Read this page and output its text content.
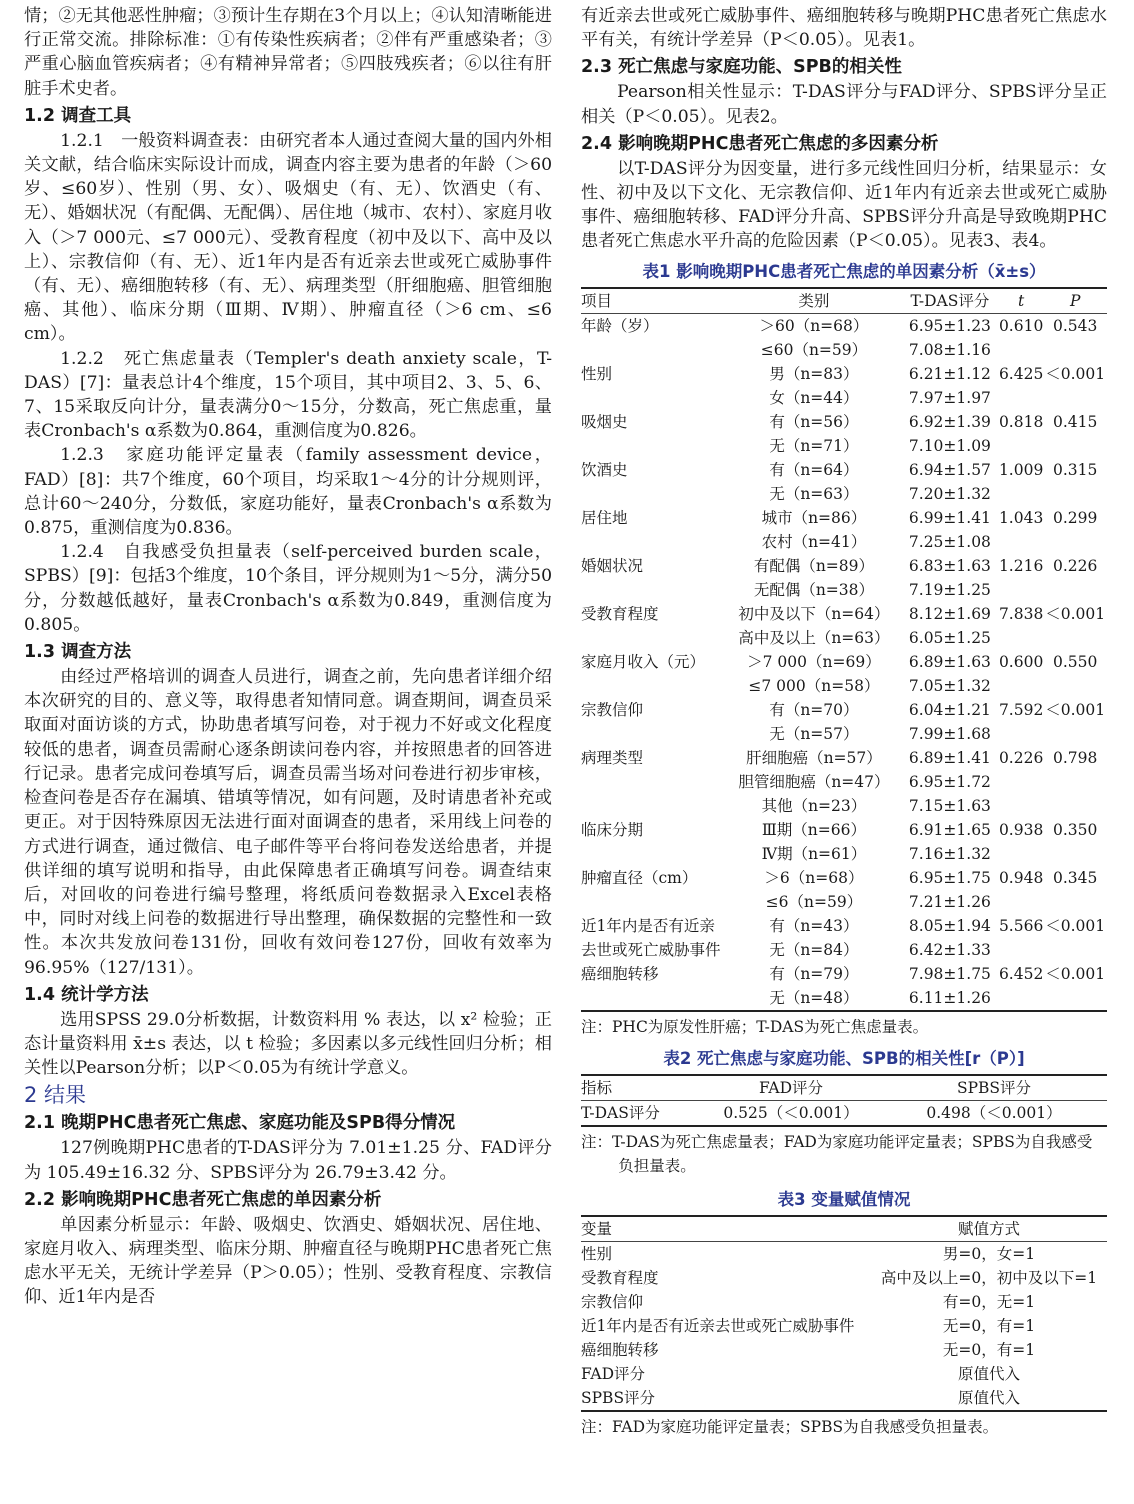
情；②无其他恶性肿瘤；③预计生存期在3个月以上；④认知清晰能进行正常交流。排除标准：①有传染性疾病者；②伴有严重感染者；③严重心脑血管疾病者；④有精神异常者；⑤四肢残疾者；⑥以往有肝脏手术史者。

1.2 调查工具

1.2.1　一般资料调查表：由研究者本人通过查阅大量的国内外相关文献，结合临床实际设计而成，调查内容主要为患者的年龄（＞60岁、≤60岁）、性别（男、女）、吸烟史（有、无）、饮酒史（有、无）、婚姻状况（有配偶、无配偶）、居住地（城市、农村）、家庭月收入（＞7 000元、≤7 000元）、受教育程度（初中及以下、高中及以上）、宗教信仰（有、无）、近1年内是否有近亲去世或死亡威胁事件（有、无）、癌细胞转移（有、无）、病理类型（肝细胞癌、胆管细胞癌、其他）、临床分期（Ⅲ期、Ⅳ期）、肿瘤直径（＞6 cm、≤6 cm）。

1.2.2　死亡焦虑量表（Templer's death anxiety scale，T-DAS）[7]：量表总计4个维度，15个项目，其中项目2、3、5、6、7、15采取反向计分，量表满分0～15分，分数高，死亡焦虑重，量表Cronbach's α系数为0.864，重测信度为0.826。

1.2.3　家庭功能评定量表（family assessment device，FAD）[8]：共7个维度，60个项目，均采取1～4分的计分规则评，总计60～240分，分数低，家庭功能好，量表Cronbach's α系数为0.875，重测信度为0.836。

1.2.4　自我感受负担量表（self-perceived burden scale，SPBS）[9]：包括3个维度，10个条目，评分规则为1～5分，满分50分，分数越低越好，量表Cronbach's α系数为0.849，重测信度为0.805。

1.3 调查方法

由经过严格培训的调查人员进行，调查之前，先向患者详细介绍本次研究的目的、意义等，取得患者知情同意。调查期间，调查员采取面对面访谈的方式，协助患者填写问卷，对于视力不好或文化程度较低的患者，调查员需耐心逐条朗读问卷内容，并按照患者的回答进行记录。患者完成问卷填写后，调查员需当场对问卷进行初步审核，检查问卷是否存在漏填、错填等情况，如有问题，及时请患者补充或更正。对于因特殊原因无法进行面对面调查的患者，采用线上问卷的方式进行调查，通过微信、电子邮件等平台将问卷发送给患者，并提供详细的填写说明和指导，由此保障患者正确填写问卷。调查结束后，对回收的问卷进行编号整理，将纸质问卷数据录入Excel表格中，同时对线上问卷的数据进行导出整理，确保数据的完整性和一致性。本次共发放问卷131份，回收有效问卷127份，回收有效率为96.95%（127/131）。

1.4 统计学方法

选用SPSS 29.0分析数据，计数资料用 % 表达，以 x² 检验；正态计量资料用 x̄±s 表达，以 t 检验；多因素以多元线性回归分析；相关性以Pearson分析；以P＜0.05为有统计学意义。

2 结果
2.1 晚期PHC患者死亡焦虑、家庭功能及SPB得分情况

127例晚期PHC患者的T-DAS评分为 7.01±1.25 分、FAD评分为 105.49±16.32 分、SPBS评分为 26.79±3.42 分。

2.2 影响晚期PHC患者死亡焦虑的单因素分析

单因素分析显示：年龄、吸烟史、饮酒史、婚姻状况、居住地、家庭月收入、病理类型、临床分期、肿瘤直径与晚期PHC患者死亡焦虑水平无关，无统计学差异（P＞0.05）；性别、受教育程度、宗教信仰、近1年内是否

有近亲去世或死亡威胁事件、癌细胞转移与晚期PHC患者死亡焦虑水平有关，有统计学差异（P＜0.05）。见表1。

2.3 死亡焦虑与家庭功能、SPB的相关性

Pearson相关性显示：T-DAS评分与FAD评分、SPBS评分呈正相关（P＜0.05）。见表2。

2.4 影响晚期PHC患者死亡焦虑的多因素分析

以T-DAS评分为因变量，进行多元线性回归分析，结果显示：女性、初中及以下文化、无宗教信仰、近1年内有近亲去世或死亡威胁事件、癌细胞转移、FAD评分升高、SPBS评分升高是导致晚期PHC患者死亡焦虑水平升高的危险因素（P＜0.05）。见表3、表4。

表1 影响晚期PHC患者死亡焦虑的单因素分析（x̄±s）
项目	类别	T-DAS评分	t	P
年龄（岁）	＞60（n=68）	6.95±1.23	0.610	0.543
	≤60（n=59）	7.08±1.16		
性别	男（n=83）	6.21±1.12	6.425	＜0.001
	女（n=44）	7.97±1.97		
吸烟史	有（n=56）	6.92±1.39	0.818	0.415
	无（n=71）	7.10±1.09		
饮酒史	有（n=64）	6.94±1.57	1.009	0.315
	无（n=63）	7.20±1.32		
居住地	城市（n=86）	6.99±1.41	1.043	0.299
	农村（n=41）	7.25±1.08		
婚姻状况	有配偶（n=89）	6.83±1.63	1.216	0.226
	无配偶（n=38）	7.19±1.25		
受教育程度	初中及以下（n=64）	8.12±1.69	7.838	＜0.001
	高中及以上（n=63）	6.05±1.25		
家庭月收入（元）	＞7 000（n=69）	6.89±1.63	0.600	0.550
	≤7 000（n=58）	7.05±1.32		
宗教信仰	有（n=70）	6.04±1.21	7.592	＜0.001
	无（n=57）	7.99±1.68		
病理类型	肝细胞癌（n=57）	6.89±1.41	0.226	0.798
	胆管细胞癌（n=47）	6.95±1.72		
	其他（n=23）	7.15±1.63		
临床分期	Ⅲ期（n=66）	6.91±1.65	0.938	0.350
	Ⅳ期（n=61）	7.16±1.32		
肿瘤直径（cm）	＞6（n=68）	6.95±1.75	0.948	0.345
	≤6（n=59）	7.21±1.26		
近1年内是否有近亲	有（n=43）	8.05±1.94	5.566	＜0.001
去世或死亡威胁事件	无（n=84）	6.42±1.33		
癌细胞转移	有（n=79）	7.98±1.75	6.452	＜0.001
	无（n=48）	6.11±1.26		

注：PHC为原发性肝癌；T-DAS为死亡焦虑量表。

表2 死亡焦虑与家庭功能、SPB的相关性[r（P）]
指标	FAD评分	SPBS评分
T-DAS评分	0.525（＜0.001）	0.498（＜0.001）

注：T-DAS为死亡焦虑量表；FAD为家庭功能评定量表；SPBS为自我感受负担量表。

表3 变量赋值情况
变量	赋值方式
性别	男=0，女=1
受教育程度	高中及以上=0，初中及以下=1
宗教信仰	有=0，无=1
近1年内是否有近亲去世或死亡威胁事件	无=0，有=1
癌细胞转移	无=0，有=1
FAD评分	原值代入
SPBS评分	原值代入

注：FAD为家庭功能评定量表；SPBS为自我感受负担量表。
